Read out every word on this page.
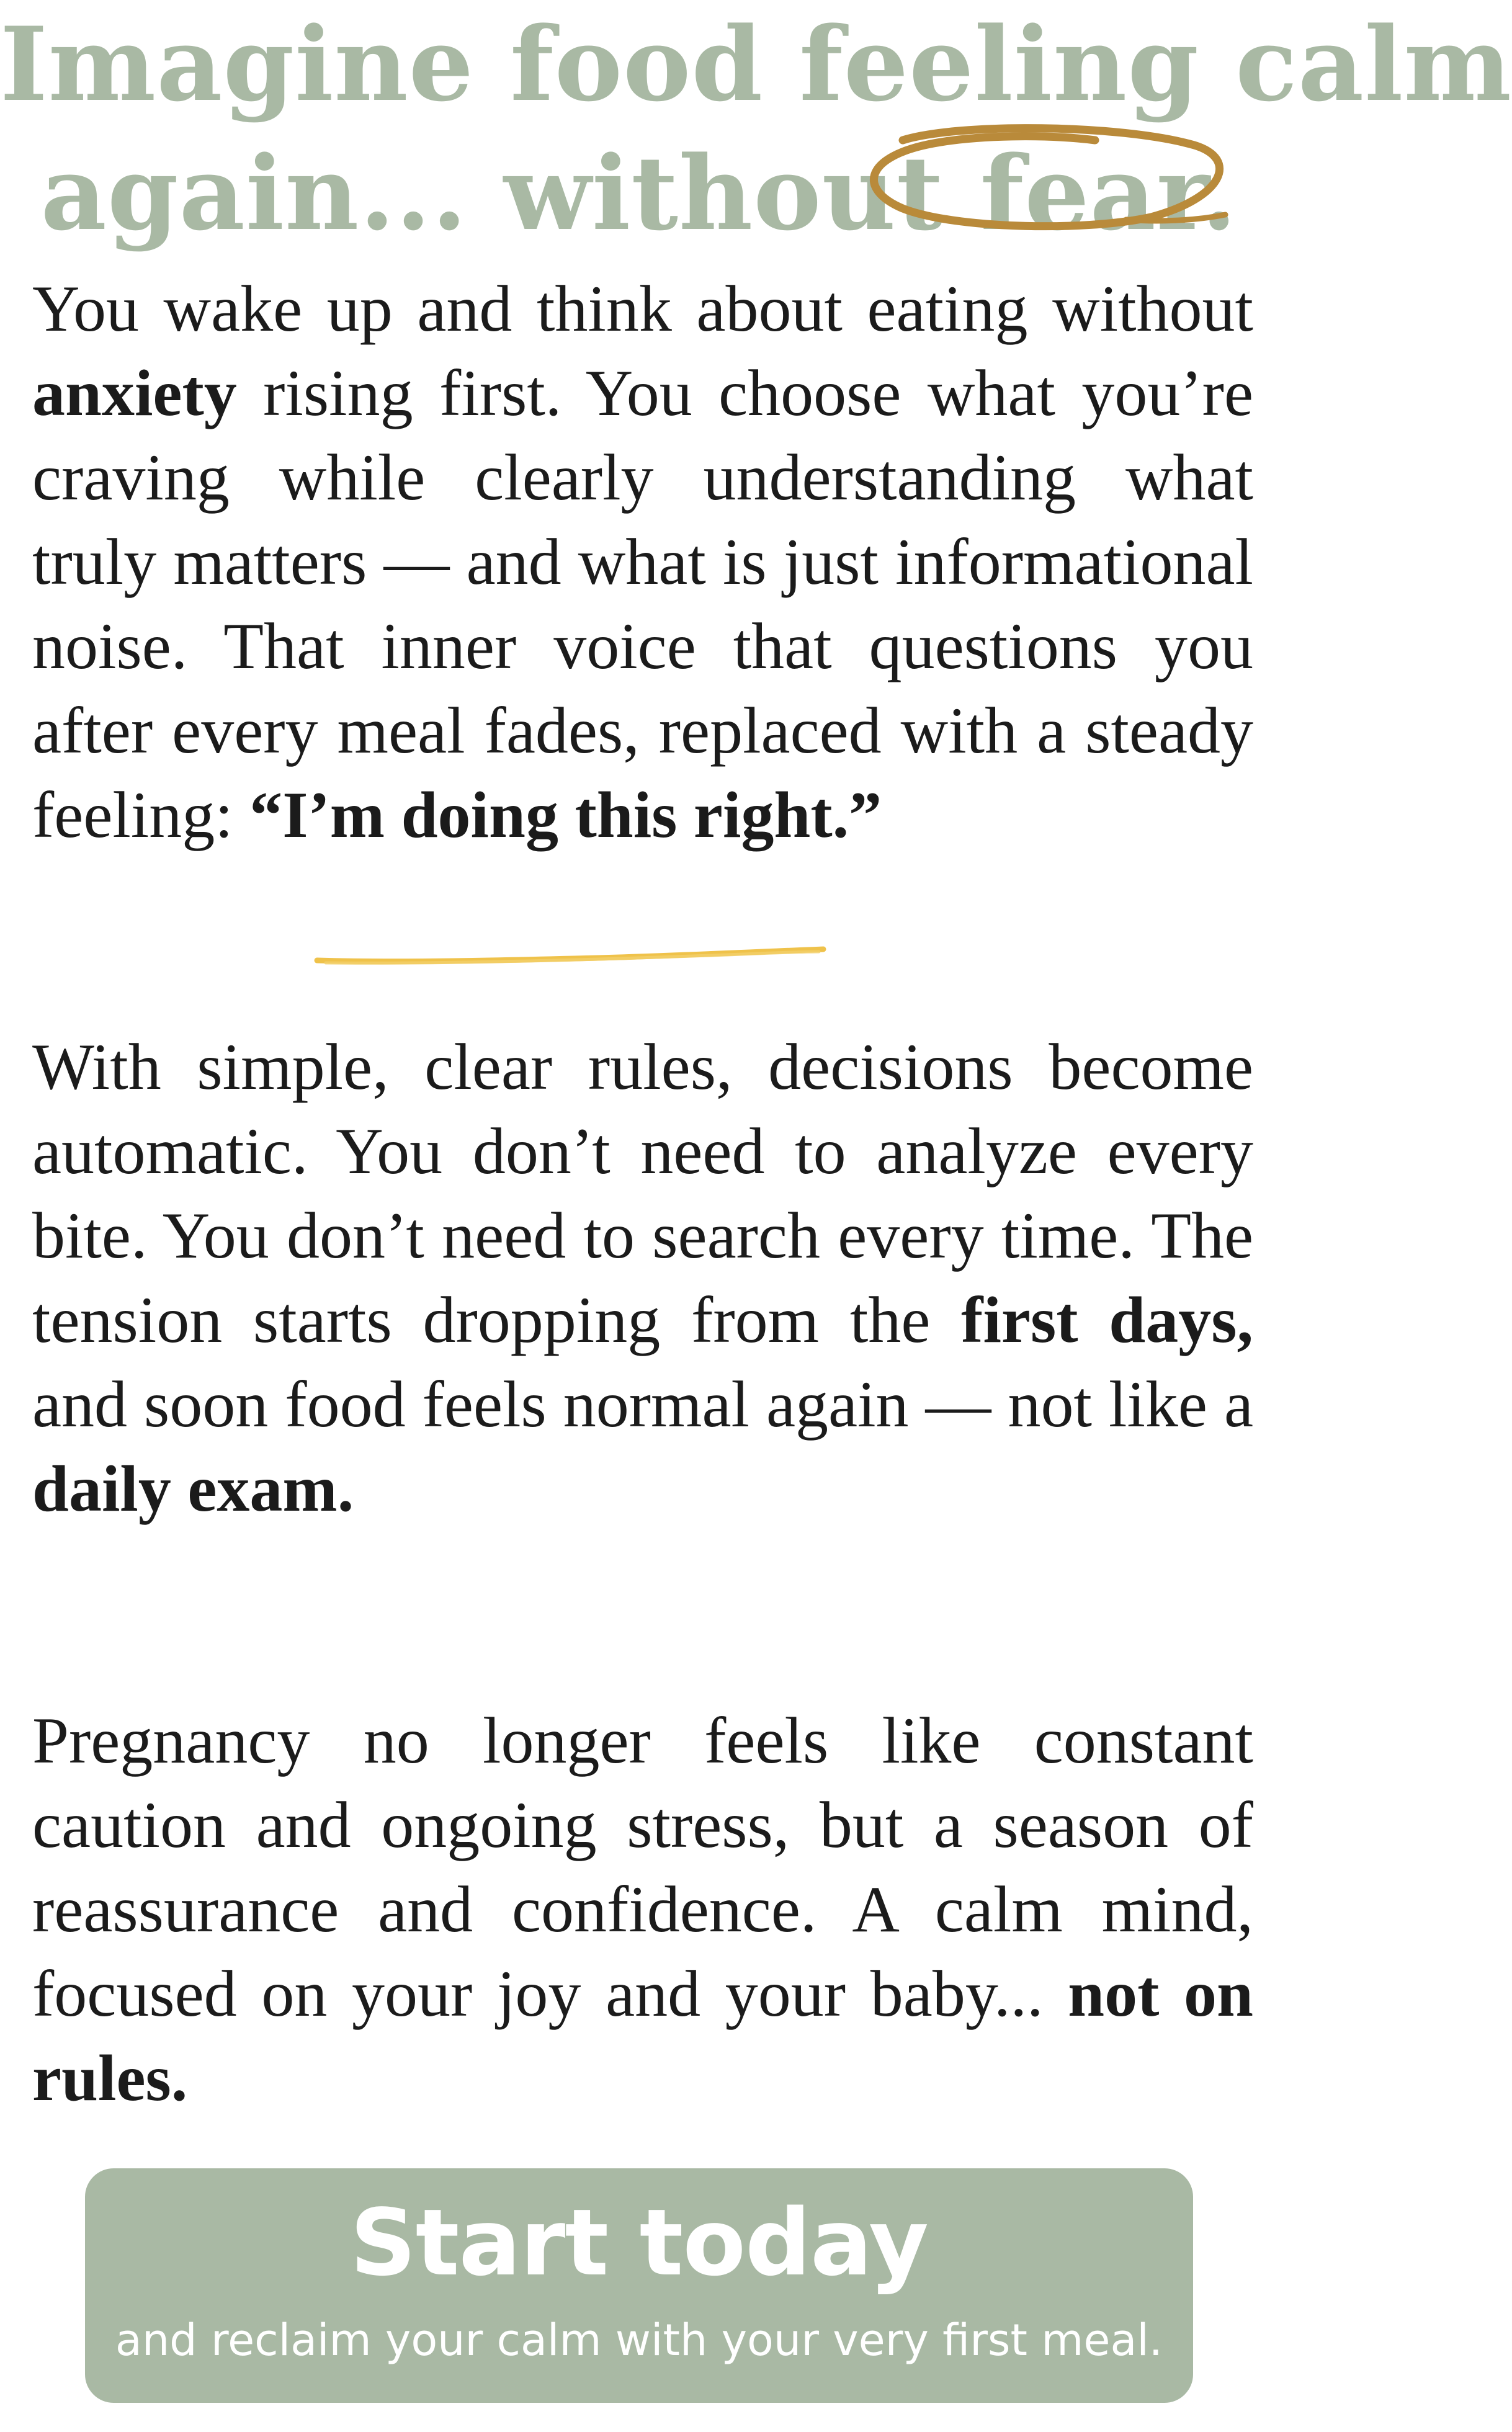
Imagine food feeling calm
again... without fear.

You wake up and think about eating without anxiety rising first. You choose what you’re craving while clearly understanding what truly matters — and what is just informational noise. That inner voice that questions you after every meal fades, replaced with a steady feeling: “I’m doing this right.”

With simple, clear rules, decisions become automatic. You don’t need to analyze every bite. You don’t need to search every time. The tension starts dropping from the first days, and soon food feels normal again — not like a daily exam.

Pregnancy no longer feels like constant caution and ongoing stress, but a season of reassurance and confidence. A calm mind, focused on your joy and your baby... not on rules.

Start today
and reclaim your calm with your very first meal.
